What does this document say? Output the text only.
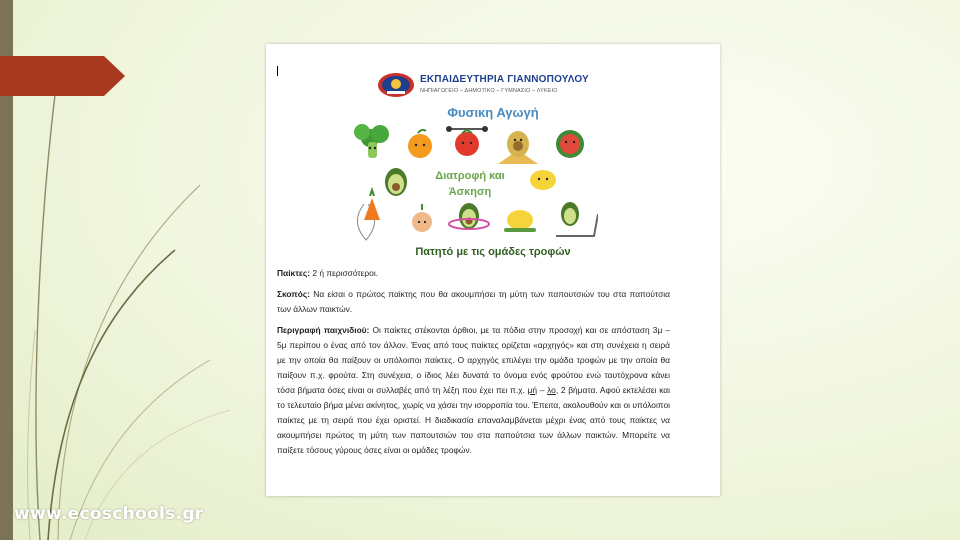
www.ecoschools.gr
ΕΚΠΑΙΔΕΥΤΗΡΙΑ ΓΙΑΝΝΟΠΟΥΛΟΥ
ΝΗΠΙΑΓΩΓΕΙΟ – ΔΗΜΟΤΙΚΟ – ΓΥΜΝΑΣΙΟ – ΛΥΚΕΙΟ
Φυσικη Αγωγή
Διατροφή και
Άσκηση
Πατητό με τις ομάδες τροφών

Παίκτες: 2 ή περισσότεροι.

Σκοπός: Να είσαι ο πρώτος παίκτης που θα ακουμπήσει τη μύτη των παπουτσιών του στα παπούτσια των άλλων παικτών.

Περιγραφή παιχνιδιού: Οι παίκτες στέκονται όρθιοι, με τα πόδια στην προσοχή και σε απόσταση 3μ – 5μ περίπου ο ένας από τον άλλον. Ένας από τους παίκτες ορίζεται «αρχηγός» και στη συνέχεια η σειρά με την οποία θα παίξουν οι υπόλοιποι παίκτες. Ο αρχηγός επιλέγει την ομάδα τροφών με την οποία θα παίξουν π.χ. φρούτα. Στη συνέχεια, ο ίδιος λέει δυνατά το όνομα ενός φρούτου ενώ ταυτόχρονα κάνει τόσα βήματα όσες είναι οι συλλαβές από τη λέξη που έχει πει π.χ. μή – λο, 2 βήματα. Αφού εκτελέσει και το τελευταίο βήμα μένει ακίνητος, χωρίς να χάσει την ισορροπία του. Έπειτα, ακολουθούν και οι υπόλοιποι παίκτες με τη σειρά που έχει οριστεί. Η διαδικασία επαναλαμβάνεται μέχρι ένας από τους παίκτες να ακουμπήσει πρώτος τη μύτη των παπουτσιών του στα παπούτσια των άλλων παικτών. Μπορείτε να παίξετε τόσους γύρους όσες είναι οι ομάδες τροφών.
